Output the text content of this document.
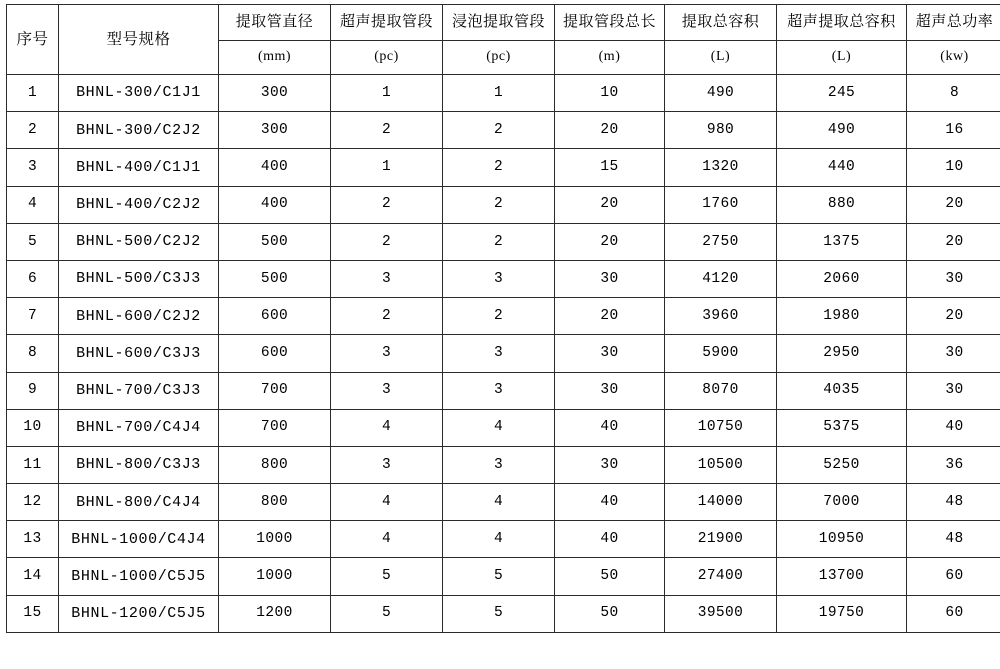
序号	型号规格	提取管直径	超声提取管段	浸泡提取管段	提取管段总长	提取总容积	超声提取总容积	超声总功率
		(mm)	(pc)	(pc)	(m)	(L)	(L)	(kw)
1	BHNL-300/C1J1	300	1	1	10	490	245	8
2	BHNL-300/C2J2	300	2	2	20	980	490	16
3	BHNL-400/C1J1	400	1	2	15	1320	440	10
4	BHNL-400/C2J2	400	2	2	20	1760	880	20
5	BHNL-500/C2J2	500	2	2	20	2750	1375	20
6	BHNL-500/C3J3	500	3	3	30	4120	2060	30
7	BHNL-600/C2J2	600	2	2	20	3960	1980	20
8	BHNL-600/C3J3	600	3	3	30	5900	2950	30
9	BHNL-700/C3J3	700	3	3	30	8070	4035	30
10	BHNL-700/C4J4	700	4	4	40	10750	5375	40
11	BHNL-800/C3J3	800	3	3	30	10500	5250	36
12	BHNL-800/C4J4	800	4	4	40	14000	7000	48
13	BHNL-1000/C4J4	1000	4	4	40	21900	10950	48
14	BHNL-1000/C5J5	1000	5	5	50	27400	13700	60
15	BHNL-1200/C5J5	1200	5	5	50	39500	19750	60
